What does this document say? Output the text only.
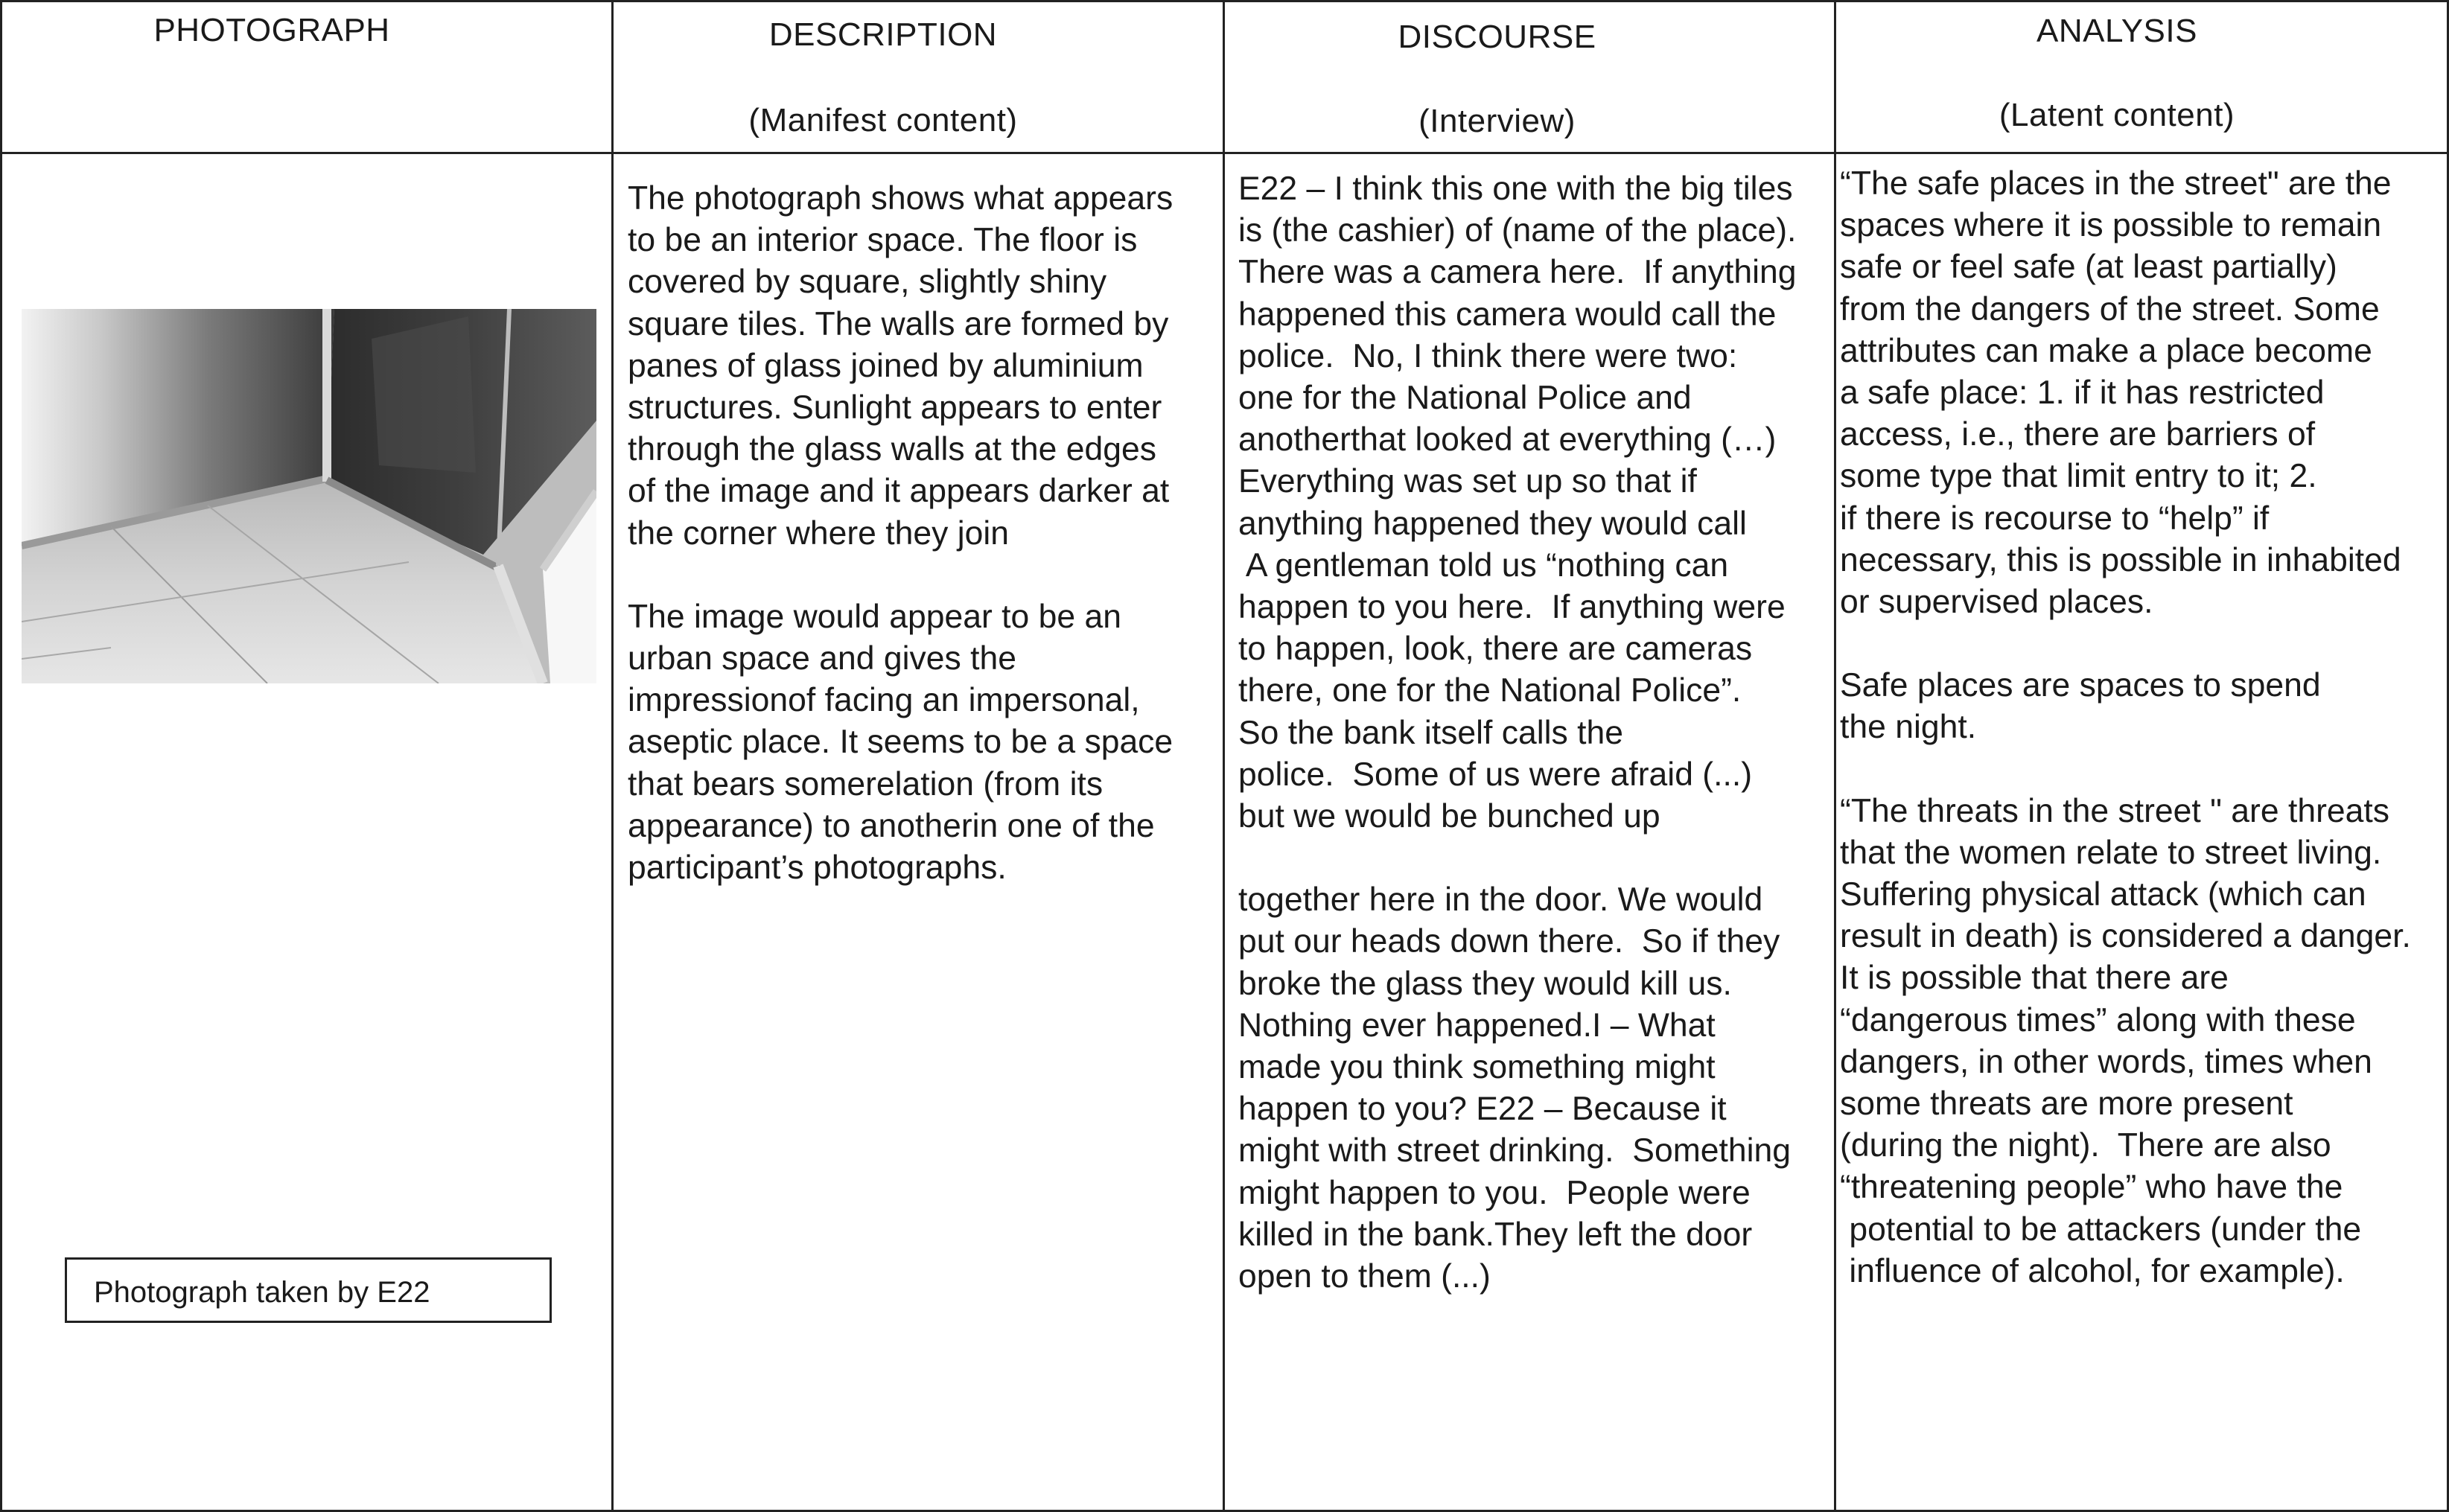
PHOTOGRAPH	DESCRIPTION
(Manifest content)
DISCOURSE
(Interview)
ANALYSIS
(Latent content)
Photograph taken by E22

The photograph shows what appears
to be an interior space. The floor is
covered by square, slightly shiny
square tiles. The walls are formed by
panes of glass joined by aluminium
structures. Sunlight appears to enter
through the glass walls at the edges
of the image and it appears darker at
the corner where they join

The image would appear to be an
urban space and gives the
impressionof facing an impersonal,
aseptic place. It seems to be a space
that bears somerelation (from its
appearance) to anotherin one of the
participant’s photographs.

E22 – I think this one with the big tiles
is (the cashier) of (name of the place).
There was a camera here.  If anything
happened this camera would call the
police.  No, I think there were two:
one for the National Police and
anotherthat looked at everything (…)
Everything was set up so that if
anything happened they would call
A gentleman told us “nothing can
happen to you here.  If anything were
to happen, look, there are cameras
there, one for the National Police”.
So the bank itself calls the
police.  Some of us were afraid (...)
but we would be bunched up

together here in the door. We would
put our heads down there.  So if they
broke the glass they would kill us.
Nothing ever happened.I – What
made you think something might
happen to you? E22 – Because it
might with street drinking.  Something
might happen to you.  People were
killed in the bank.They left the door
open to them (...)

“The safe places in the street" are the
spaces where it is possible to remain
safe or feel safe (at least partially)
from the dangers of the street. Some
attributes can make a place become
a safe place: 1. if it has restricted
access, i.e., there are barriers of
some type that limit entry to it; 2.
if there is recourse to “help” if
necessary, this is possible in inhabited
or supervised places.

Safe places are spaces to spend
the night.

“The threats in the street " are threats
that the women relate to street living.
Suffering physical attack (which can
result in death) is considered a danger.
It is possible that there are
“dangerous times” along with these
dangers, in other words, times when
some threats are more present
(during the night).  There are also
“threatening people” who have the
potential to be attackers (under the
influence of alcohol, for example).
